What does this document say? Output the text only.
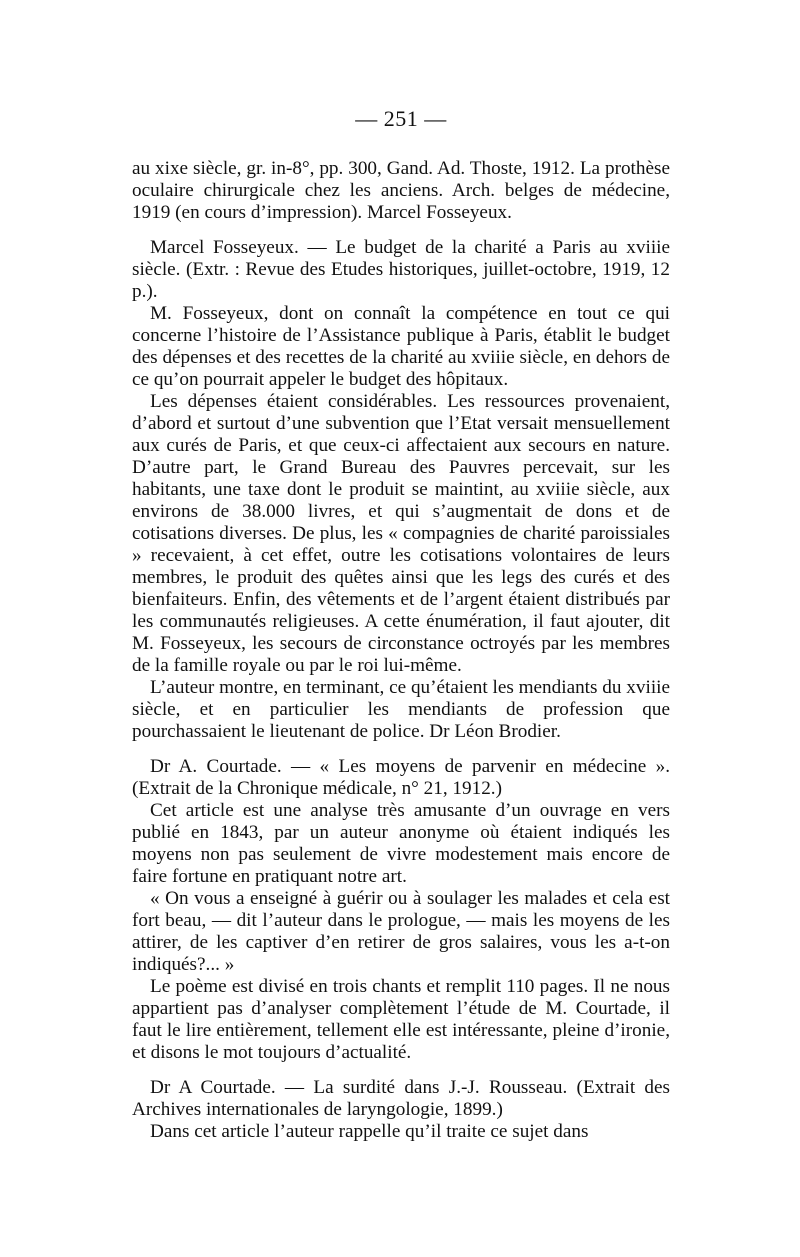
— 251 —

au xixe siècle, gr. in-8°, pp. 300, Gand. Ad. Thoste, 1912. La prothèse oculaire chirurgicale chez les anciens. Arch. belges de médecine, 1919 (en cours d’impression). Marcel Fosseyeux.

Marcel Fosseyeux. — Le budget de la charité a Paris au xviiie siècle. (Extr. : Revue des Etudes historiques, juillet-octobre, 1919, 12 p.).

M. Fosseyeux, dont on connaît la compétence en tout ce qui concerne l’histoire de l’Assistance publique à Paris, établit le budget des dépenses et des recettes de la charité au xviiie siècle, en dehors de ce qu’on pourrait appeler le budget des hôpitaux.

Les dépenses étaient considérables. Les ressources provenaient, d’abord et surtout d’une subvention que l’Etat versait mensuellement aux curés de Paris, et que ceux-ci affectaient aux secours en nature. D’autre part, le Grand Bureau des Pauvres percevait, sur les habitants, une taxe dont le produit se maintint, au xviiie siècle, aux environs de 38.000 livres, et qui s’augmentait de dons et de cotisations diverses. De plus, les « compagnies de charité paroissiales » recevaient, à cet effet, outre les cotisations volontaires de leurs membres, le produit des quêtes ainsi que les legs des curés et des bienfaiteurs. Enfin, des vêtements et de l’argent étaient distribués par les communautés religieuses. A cette énumération, il faut ajouter, dit M. Fosseyeux, les secours de circonstance octroyés par les membres de la famille royale ou par le roi lui-même.

L’auteur montre, en terminant, ce qu’étaient les mendiants du xviiie siècle, et en particulier les mendiants de profession que pourchassaient le lieutenant de police. Dr Léon Brodier.

Dr A. Courtade. — « Les moyens de parvenir en médecine ». (Extrait de la Chronique médicale, n° 21, 1912.)

Cet article est une analyse très amusante d’un ouvrage en vers publié en 1843, par un auteur anonyme où étaient indiqués les moyens non pas seulement de vivre modestement mais encore de faire fortune en pratiquant notre art.

« On vous a enseigné à guérir ou à soulager les malades et cela est fort beau, — dit l’auteur dans le prologue, — mais les moyens de les attirer, de les captiver d’en retirer de gros salaires, vous les a-t-on indiqués?... »

Le poème est divisé en trois chants et remplit 110 pages. Il ne nous appartient pas d’analyser complètement l’étude de M. Courtade, il faut le lire entièrement, tellement elle est intéressante, pleine d’ironie, et disons le mot toujours d’actualité.

Dr A Courtade. — La surdité dans J.-J. Rousseau. (Extrait des Archives internationales de laryngologie, 1899.)

Dans cet article l’auteur rappelle qu’il traite ce sujet dans
